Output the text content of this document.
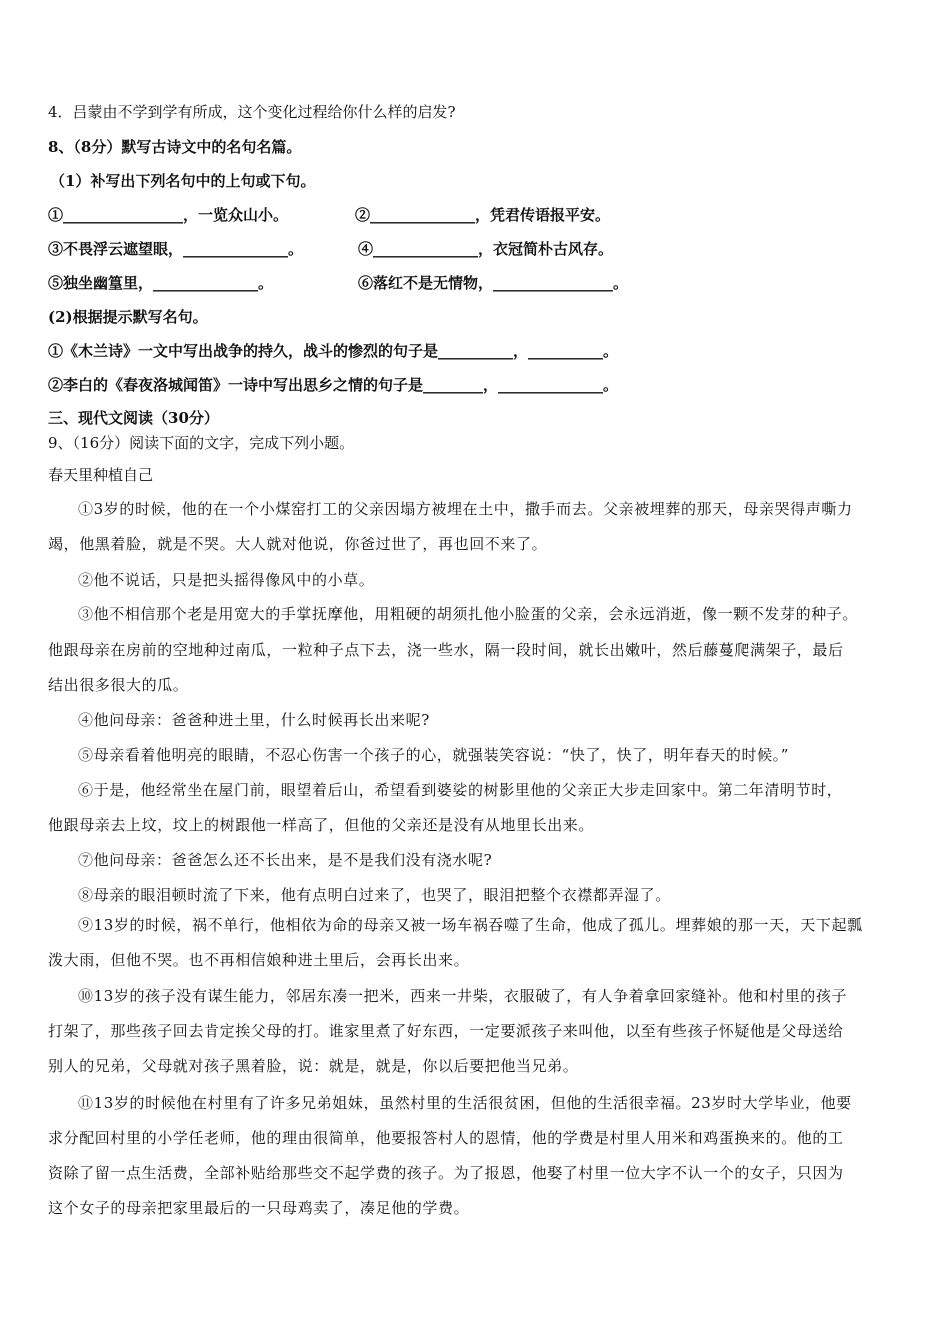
4．吕蒙由不学到学有所成，这个变化过程给你什么样的启发?
8、（8分）默写古诗文中的名句名篇。
（1）补写出下列名句中的上句或下句。
①________________，一览众山小。	②______________，凭君传语报平安。
③不畏浮云遮望眼，______________。	④______________，衣冠简朴古风存。
⑤独坐幽篁里，______________。	⑥落红不是无情物，________________。
(2)根据提示默写名句。
①《木兰诗》一文中写出战争的持久，战斗的惨烈的句子是__________，__________。
②李白的《春夜洛城闻笛》一诗中写出思乡之情的句子是________，______________。
三、现代文阅读（30分）
9、（16分）阅读下面的文字，完成下列小题。
春天里种植自己
①3岁的时候，他的在一个小煤窑打工的父亲因塌方被埋在土中，撒手而去。父亲被埋葬的那天，母亲哭得声嘶力
竭，他黑着脸，就是不哭。大人就对他说，你爸过世了，再也回不来了。
②他不说话，只是把头摇得像风中的小草。
③他不相信那个老是用宽大的手掌抚摩他，用粗硬的胡须扎他小脸蛋的父亲，会永远消逝，像一颗不发芽的种子。
他跟母亲在房前的空地种过南瓜，一粒种子点下去，浇一些水，隔一段时间，就长出嫩叶，然后藤蔓爬满架子，最后
结出很多很大的瓜。
④他问母亲：爸爸种进土里，什么时候再长出来呢?
⑤母亲看着他明亮的眼睛，不忍心伤害一个孩子的心，就强装笑容说：“快了，快了，明年春天的时候。”
⑥于是，他经常坐在屋门前，眼望着后山，希望看到婆娑的树影里他的父亲正大步走回家中。第二年清明节时，
他跟母亲去上坟，坟上的树跟他一样高了，但他的父亲还是没有从地里长出来。
⑦他问母亲：爸爸怎么还不长出来，是不是我们没有浇水呢?
⑧母亲的眼泪顿时流了下来，他有点明白过来了，也哭了，眼泪把整个衣襟都弄湿了。
⑨13岁的时候，祸不单行，他相依为命的母亲又被一场车祸吞噬了生命，他成了孤儿。埋葬娘的那一天，天下起瓢
泼大雨，但他不哭。也不再相信娘种进土里后，会再长出来。
⑩13岁的孩子没有谋生能力，邻居东凑一把米，西来一井柴，衣服破了，有人争着拿回家缝补。他和村里的孩子
打架了，那些孩子回去肯定挨父母的打。谁家里煮了好东西，一定要派孩子来叫他，以至有些孩子怀疑他是父母送给
别人的兄弟，父母就对孩子黑着脸，说：就是，就是，你以后要把他当兄弟。
⑪13岁的时候他在村里有了许多兄弟姐妹，虽然村里的生活很贫困，但他的生活很幸福。23岁时大学毕业，他要
求分配回村里的小学任老师，他的理由很简单，他要报答村人的恩情，他的学费是村里人用米和鸡蛋换来的。他的工
资除了留一点生活费，全部补贴给那些交不起学费的孩子。为了报恩，他娶了村里一位大字不认一个的女子，只因为
这个女子的母亲把家里最后的一只母鸡卖了，凑足他的学费。
